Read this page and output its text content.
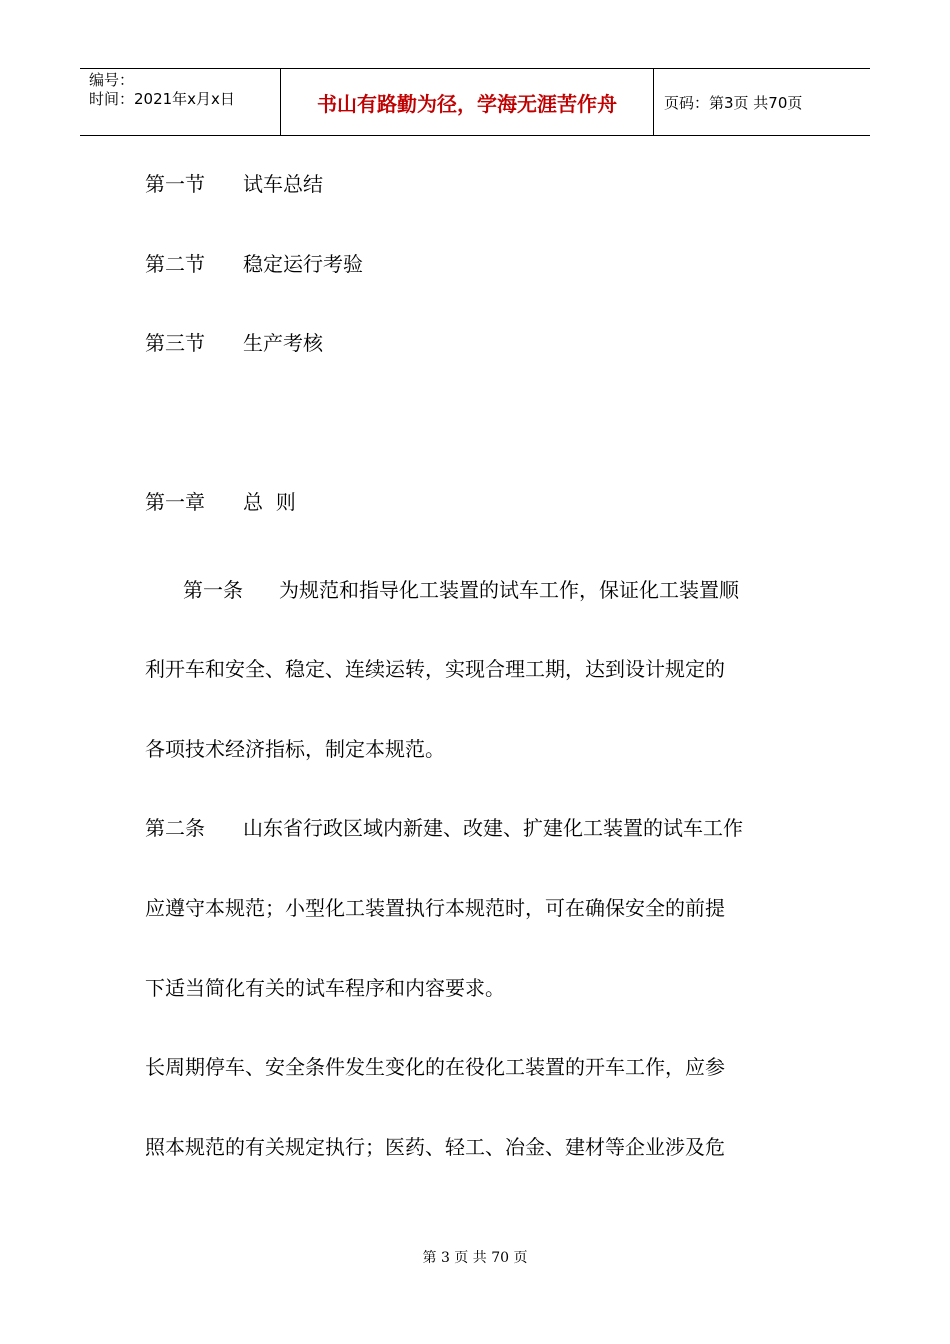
编号：
时间：2021年x月x日	书山有路勤为径，学海无涯苦作舟	页码：第3页 共70页
第一节 试车总结
第二节 稳定运行考验
第三节 生产考核
第一章 总  则
第一条 为规范和指导化工装置的试车工作，保证化工装置顺
利开车和安全、稳定、连续运转，实现合理工期，达到设计规定的
各项技术经济指标，制定本规范。
第二条 山东省行政区域内新建、改建、扩建化工装置的试车工作
应遵守本规范；小型化工装置执行本规范时，可在确保安全的前提
下适当简化有关的试车程序和内容要求。
长周期停车、安全条件发生变化的在役化工装置的开车工作，应参
照本规范的有关规定执行；医药、轻工、冶金、建材等企业涉及危
第 3 页 共 70 页
